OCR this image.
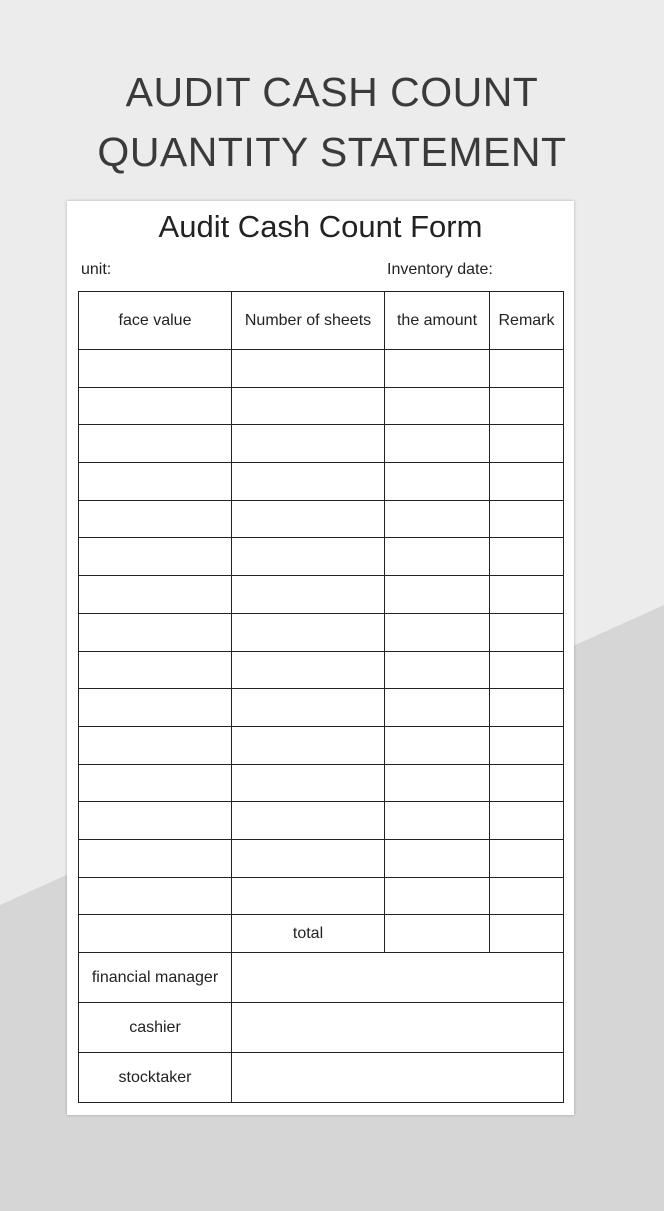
AUDIT CASH COUNT
QUANTITY STATEMENT
Audit Cash Count Form
unit:	Inventory date:
face value	Number of sheets	the amount	Remark

	total		
financial manager			
cashier			
stocktaker			
